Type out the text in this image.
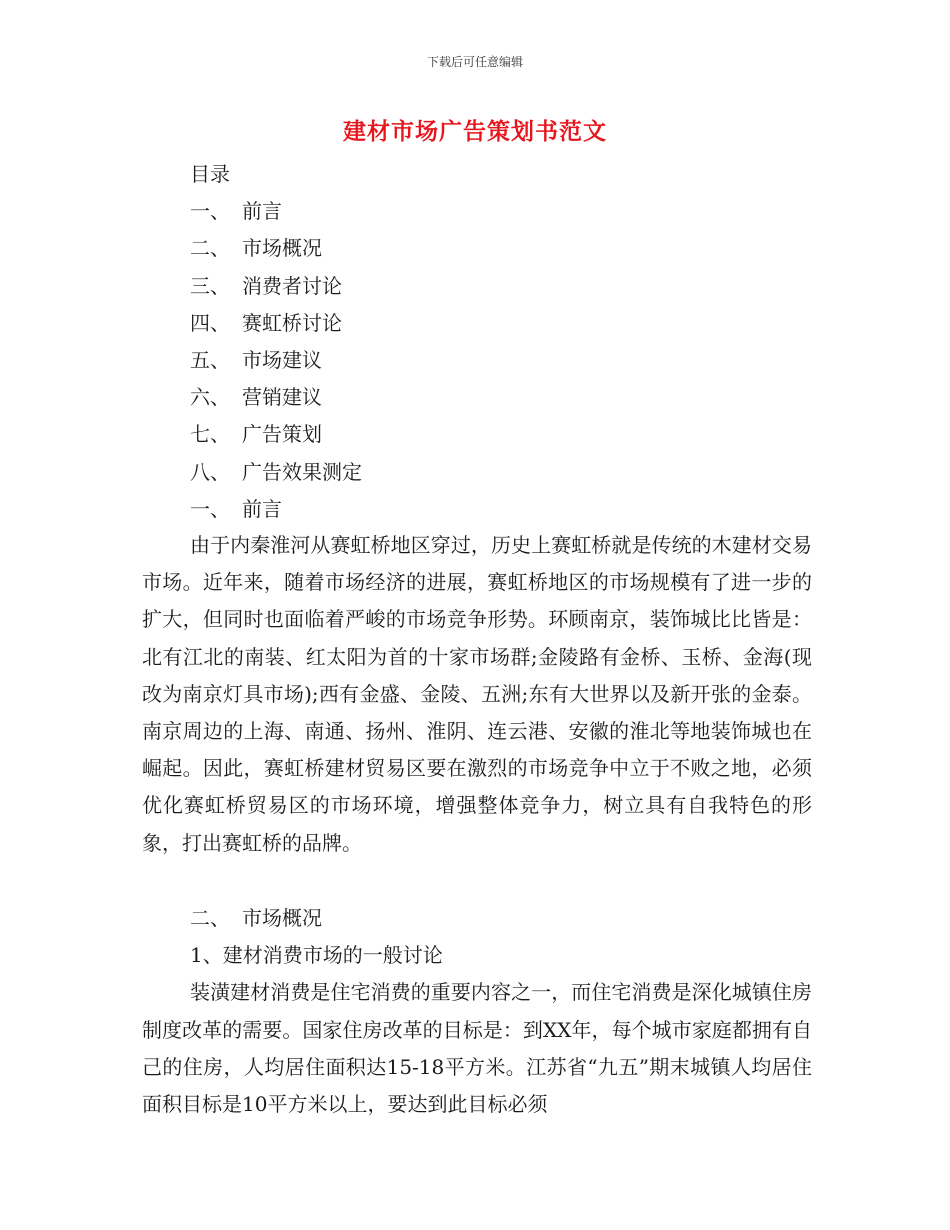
下载后可任意编辑
建材市场广告策划书范文
目录
一、 前言
二、 市场概况
三、 消费者讨论
四、 赛虹桥讨论
五、 市场建议
六、 营销建议
七、 广告策划
八、 广告效果测定
一、 前言

由于内秦淮河从赛虹桥地区穿过，历史上赛虹桥就是传统的木建材交易市场。近年来，随着市场经济的进展，赛虹桥地区的市场规模有了进一步的扩大，但同时也面临着严峻的市场竞争形势。环顾南京，装饰城比比皆是：北有江北的南装、红太阳为首的十家市场群;金陵路有金桥、玉桥、金海(现改为南京灯具市场);西有金盛、金陵、五洲;东有大世界以及新开张的金泰。南京周边的上海、南通、扬州、淮阴、连云港、安徽的淮北等地装饰城也在崛起。因此，赛虹桥建材贸易区要在激烈的市场竞争中立于不败之地，必须优化赛虹桥贸易区的市场环境，增强整体竞争力，树立具有自我特色的形象，打出赛虹桥的品牌。

二、 市场概况

1、建材消费市场的一般讨论

装潢建材消费是住宅消费的重要内容之一，而住宅消费是深化城镇住房制度改革的需要。国家住房改革的目标是：到XX年，每个城市家庭都拥有自己的住房，人均居住面积达15-18平方米。江苏省“九五”期末城镇人均居住面积目标是10平方米以上，要达到此目标必须
